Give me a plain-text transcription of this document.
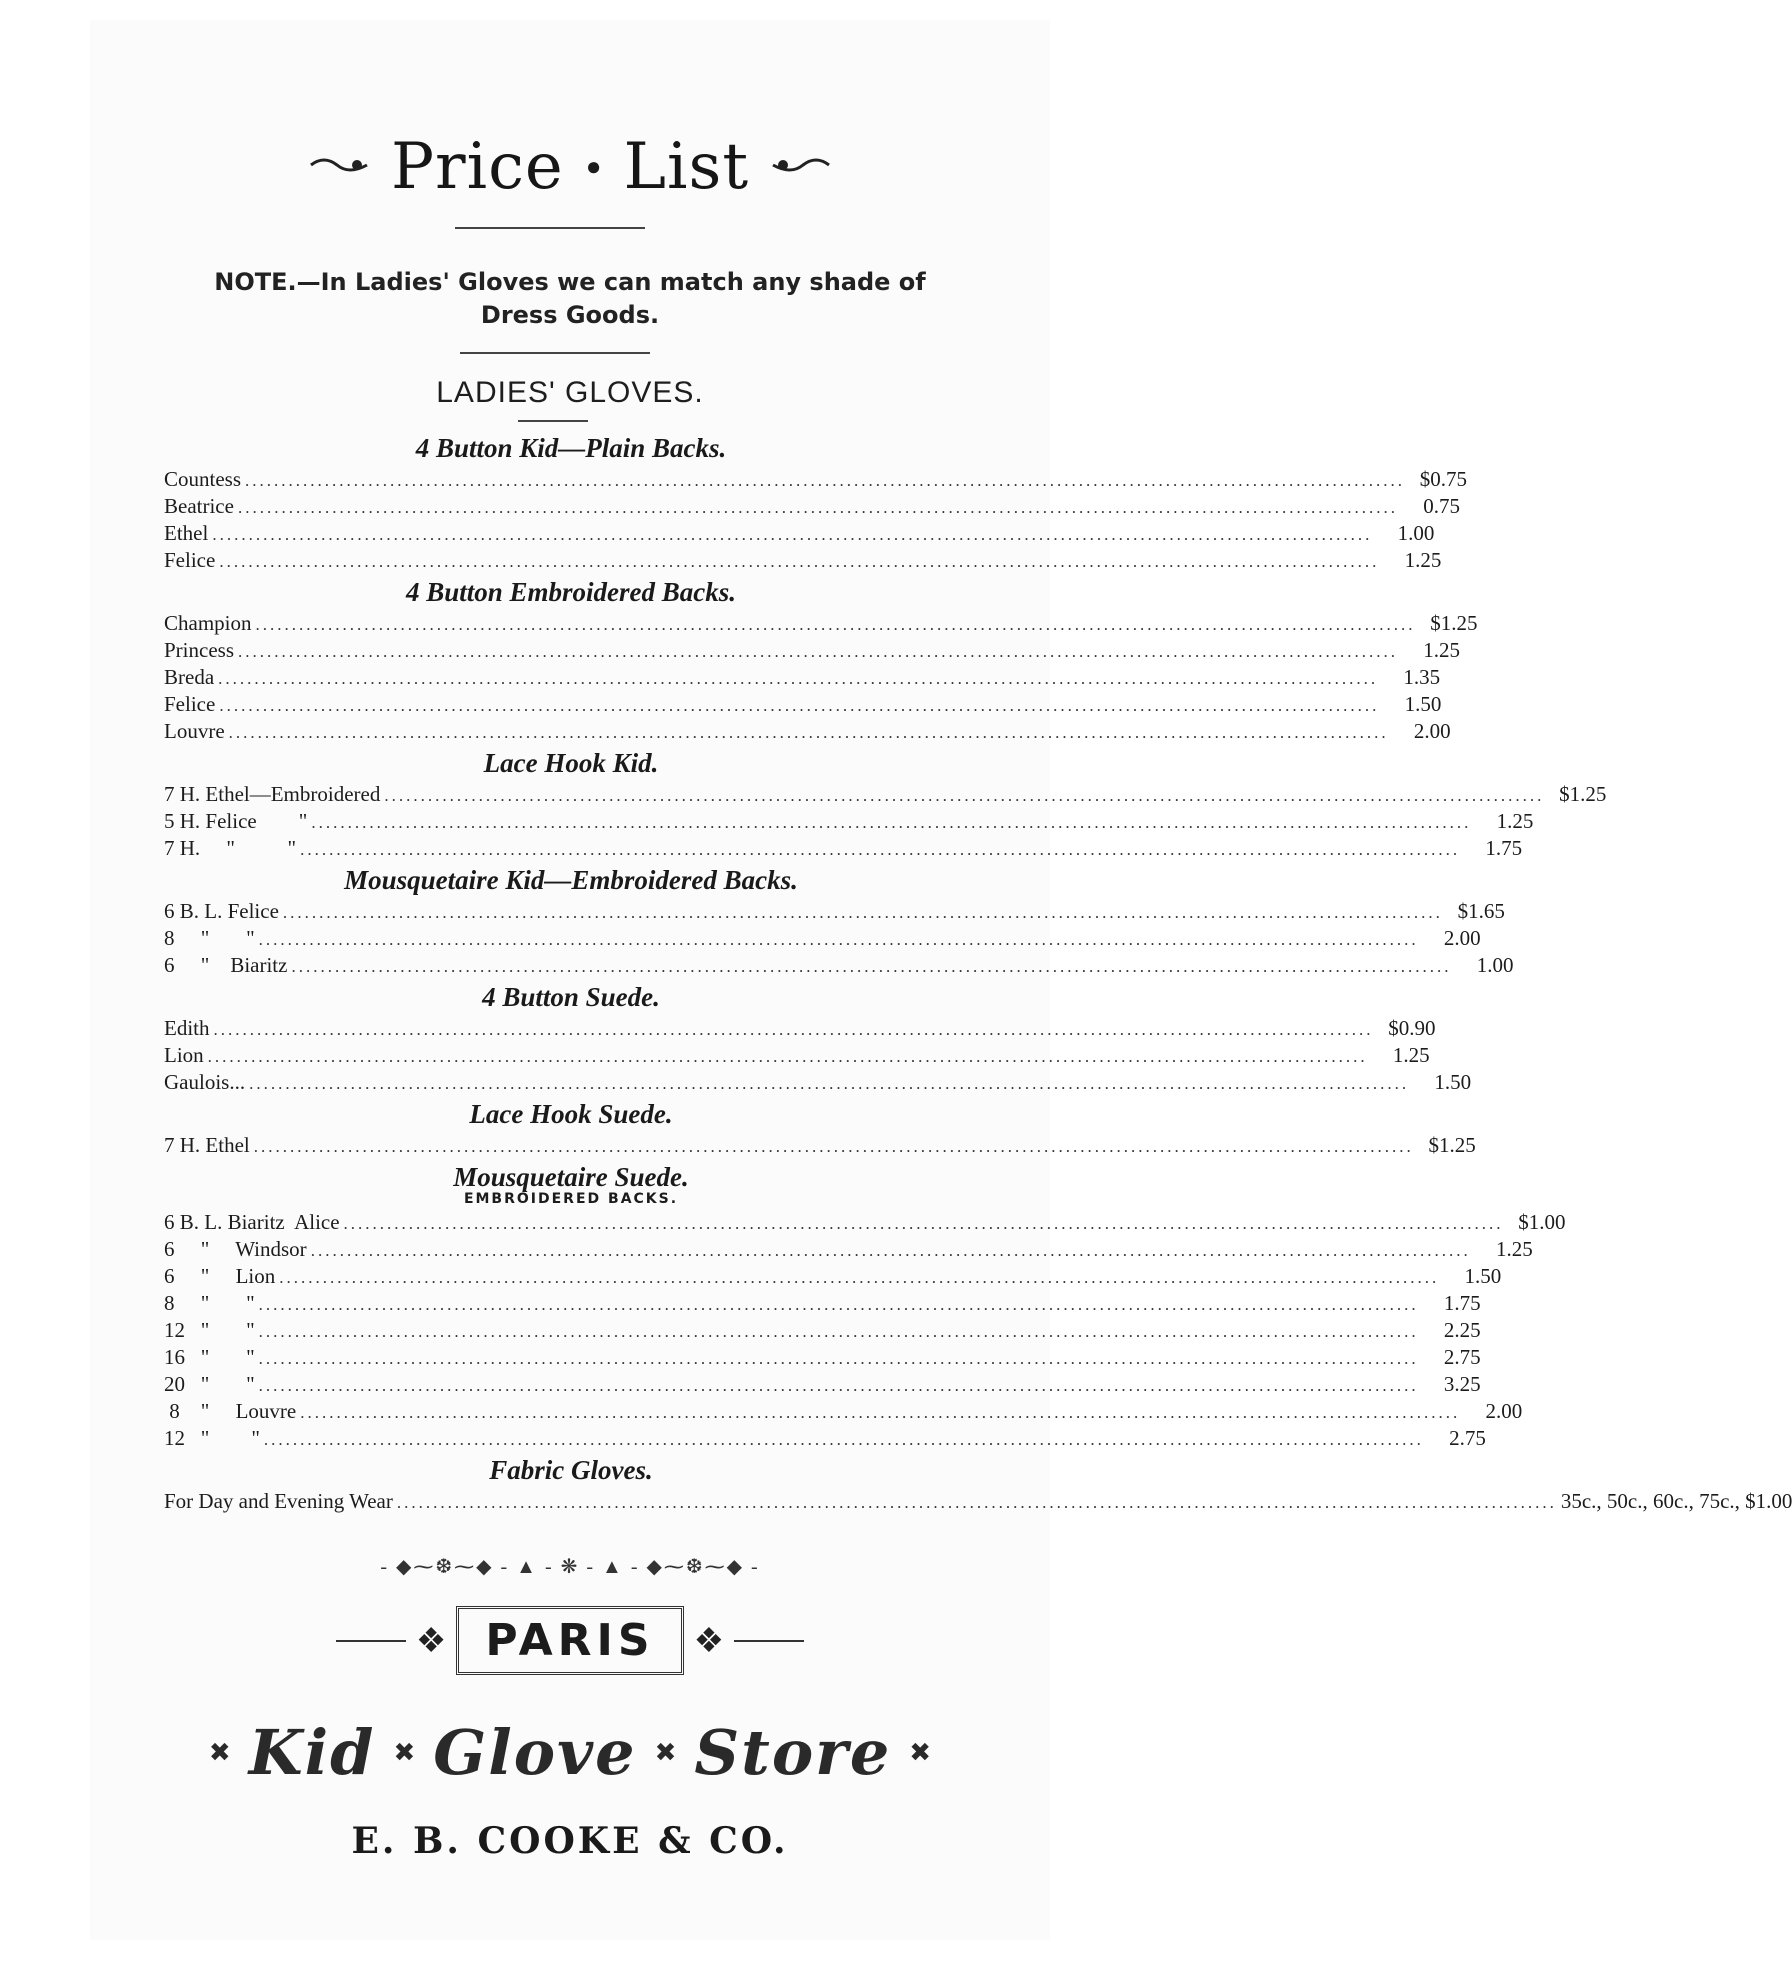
Price ● List
NOTE.—In Ladies' Gloves we can match any shade of Dress Goods.
LADIES' GLOVES.
4 Button Kid—Plain Backs.
Countess ................................................................................................................................................................ $0.75
Beatrice ................................................................................................................................................................	0.75
Ethel ................................................................................................................................................................	1.00
Felice ................................................................................................................................................................	1.25
4 Button Embroidered Backs.
Champion ................................................................................................................................................................ $1.25
Princess ................................................................................................................................................................	1.25
Breda ................................................................................................................................................................	1.35
Felice ................................................................................................................................................................	1.50
Louvre ................................................................................................................................................................	2.00
Lace Hook Kid.
7 H. Ethel—Embroidered ................................................................................................................................................................ $1.25
5 H. Felice        " ................................................................................................................................................................	1.25
7 H.     "          " ................................................................................................................................................................	1.75
Mousquetaire Kid—Embroidered Backs.
6 B. L. Felice ................................................................................................................................................................ $1.65
8     "       " ................................................................................................................................................................	2.00
6     "    Biaritz ................................................................................................................................................................	1.00
4 Button Suede.
Edith ................................................................................................................................................................ $0.90
Lion ................................................................................................................................................................	1.25
Gaulois... ................................................................................................................................................................	1.50
Lace Hook Suede.
7 H. Ethel ................................................................................................................................................................ $1.25
Mousquetaire Suede.
EMBROIDERED BACKS.
6 B. L. Biaritz  Alice ................................................................................................................................................................ $1.00
6     "     Windsor ................................................................................................................................................................	1.25
6     "     Lion ................................................................................................................................................................	1.50
8     "       " ................................................................................................................................................................	1.75
12   "       " ................................................................................................................................................................	2.25
16   "       " ................................................................................................................................................................	2.75
20   "       " ................................................................................................................................................................	3.25
8    "     Louvre ................................................................................................................................................................	2.00
12   "        " ................................................................................................................................................................	2.75
Fabric Gloves.
For Day and Evening Wear ................................................................................................................................................................ 35c., 50c., 60c., 75c., $1.00
- ◆⁓❆⁓◆ - ▲ - ❋ - ▲ - ◆⁓❆⁓◆ -
❖ PARIS	❖
✖ Kid ✖ Glove ✖ Store ✖
E. B. COOKE & CO.
